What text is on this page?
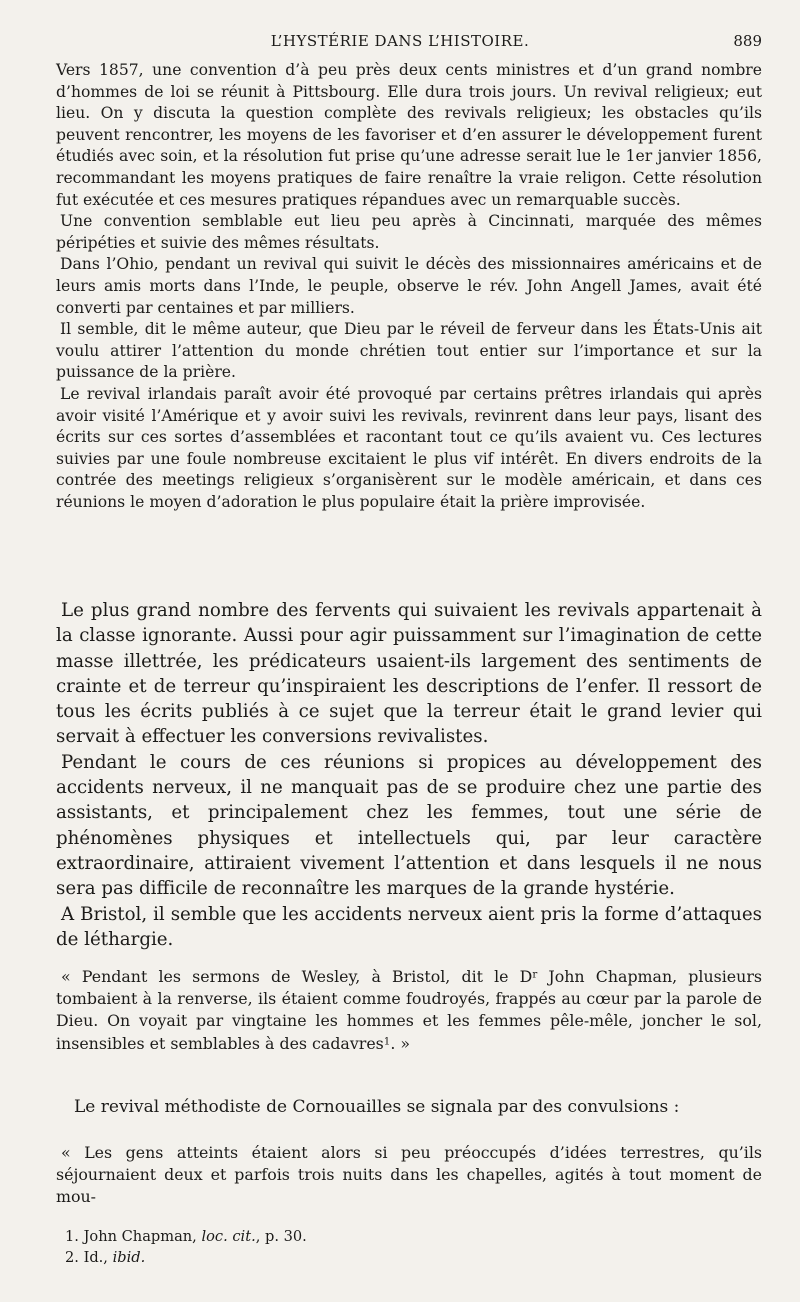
L’HYSTÉRIE DANS L’HISTOIRE.	889

Vers 1857, une convention d’à peu près deux cents ministres et d’un grand nombre d’hommes de loi se réunit à Pittsbourg. Elle dura trois jours. Un revival religieux; eut lieu. On y discuta la question complète des revivals religieux; les obstacles qu’ils peuvent rencontrer, les moyens de les favoriser et d’en assurer le développement furent étudiés avec soin, et la résolution fut prise qu’une adresse serait lue le 1er janvier 1856, recommandant les moyens pratiques de faire renaître la vraie religon. Cette résolution fut exécutée et ces mesures pratiques répandues avec un remarquable succès.

Une convention semblable eut lieu peu après à Cincinnati, marquée des mêmes péripéties et suivie des mêmes résultats.

Dans l’Ohio, pendant un revival qui suivit le décès des missionnaires américains et de leurs amis morts dans l’Inde, le peuple, observe le rév. John Angell James, avait été converti par centaines et par milliers.

Il semble, dit le même auteur, que Dieu par le réveil de ferveur dans les États-Unis ait voulu attirer l’attention du monde chrétien tout entier sur l’importance et sur la puissance de la prière.

Le revival irlandais paraît avoir été provoqué par certains prêtres irlandais qui après avoir visité l’Amérique et y avoir suivi les revivals, revinrent dans leur pays, lisant des écrits sur ces sortes d’assemblées et racontant tout ce qu’ils avaient vu. Ces lectures suivies par une foule nombreuse excitaient le plus vif intérêt. En divers endroits de la contrée des meetings religieux s’organisèrent sur le modèle américain, et dans ces réunions le moyen d’adoration le plus populaire était la prière improvisée.

Le plus grand nombre des fervents qui suivaient les revivals appartenait à la classe ignorante. Aussi pour agir puissamment sur l’imagination de cette masse illettrée, les prédicateurs usaient-ils largement des sentiments de crainte et de terreur qu’inspiraient les descriptions de l’enfer. Il ressort de tous les écrits publiés à ce sujet que la terreur était le grand levier qui servait à effectuer les conversions revivalistes.

Pendant le cours de ces réunions si propices au développement des accidents nerveux, il ne manquait pas de se produire chez une partie des assistants, et principalement chez les femmes, tout une série de phénomènes physiques et intellectuels qui, par leur caractère extraordinaire, attiraient vivement l’attention et dans lesquels il ne nous sera pas difficile de reconnaître les marques de la grande hystérie.

A Bristol, il semble que les accidents nerveux aient pris la forme d’attaques de léthargie.

« Pendant les sermons de Wesley, à Bristol, dit le $D^r$ John Chapman, plusieurs tombaient à la renverse, ils étaient comme foudroyés, frappés au cœur par la parole de Dieu. On voyait par vingtaine les hommes et les femmes pêle-mêle, joncher le sol, insensibles et semblables à des cadavres$^1$. »

Le revival méthodiste de Cornouailles se signala par des convulsions :

« Les gens atteints étaient alors si peu préoccupés d’idées terrestres, qu’ils séjournaient deux et parfois trois nuits dans les chapelles, agités à tout moment de mou-

1. John Chapman, loc. cit., p. 30.
2. Id., ibid.
